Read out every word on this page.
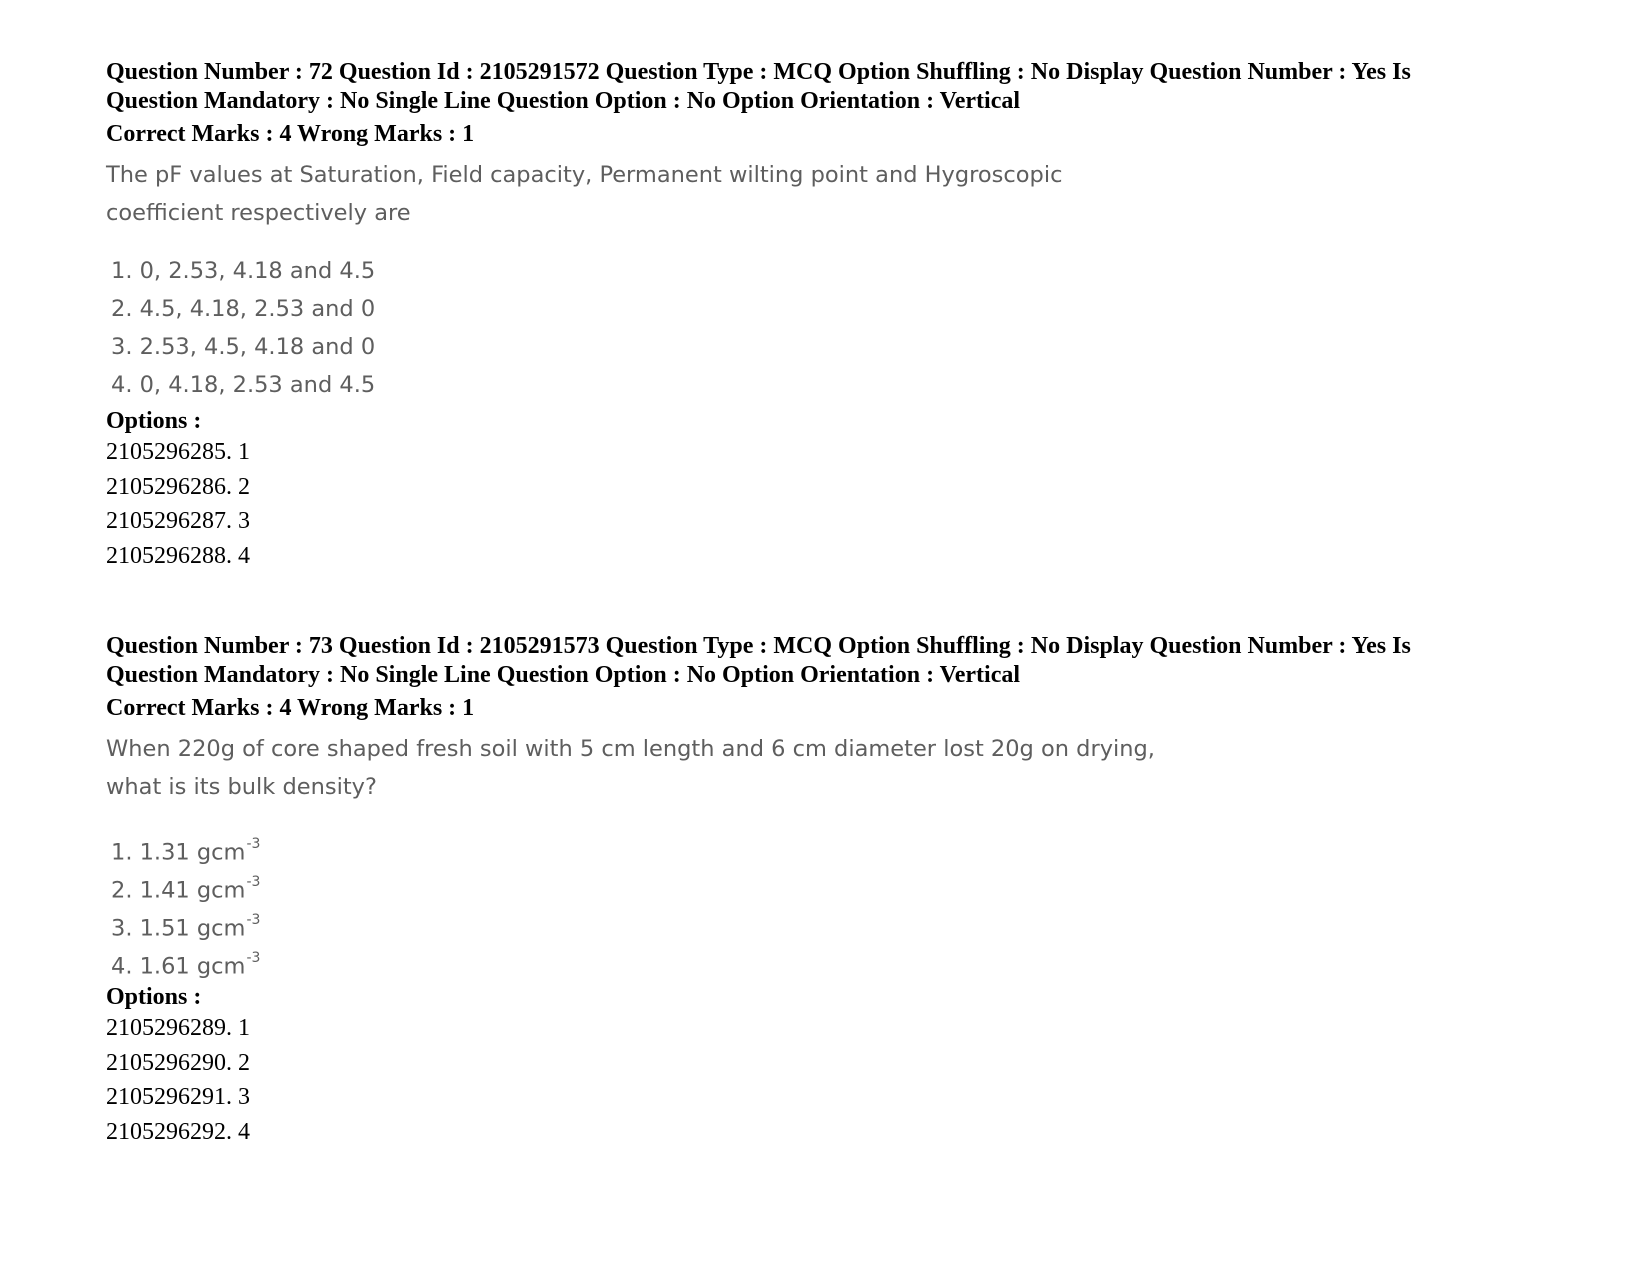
Question Number : 72 Question Id : 2105291572 Question Type : MCQ Option Shuffling : No Display Question Number : Yes Is
Question Mandatory : No Single Line Question Option : No Option Orientation : Vertical
Correct Marks : 4 Wrong Marks : 1
The pF values at Saturation, Field capacity, Permanent wilting point and Hygroscopic
coefficient respectively are
1. 0, 2.53, 4.18 and 4.5
2. 4.5, 4.18, 2.53 and 0
3. 2.53, 4.5, 4.18 and 0
4. 0, 4.18, 2.53 and 4.5
Options :
2105296285. 1
2105296286. 2
2105296287. 3
2105296288. 4
Question Number : 73 Question Id : 2105291573 Question Type : MCQ Option Shuffling : No Display Question Number : Yes Is
Question Mandatory : No Single Line Question Option : No Option Orientation : Vertical
Correct Marks : 4 Wrong Marks : 1
When 220g of core shaped fresh soil with 5 cm length and 6 cm diameter lost 20g on drying,
what is its bulk density?
1. 1.31 gcm$^{-3}$
2. 1.41 gcm$^{-3}$
3. 1.51 gcm$^{-3}$
4. 1.61 gcm$^{-3}$
Options :
2105296289. 1
2105296290. 2
2105296291. 3
2105296292. 4
